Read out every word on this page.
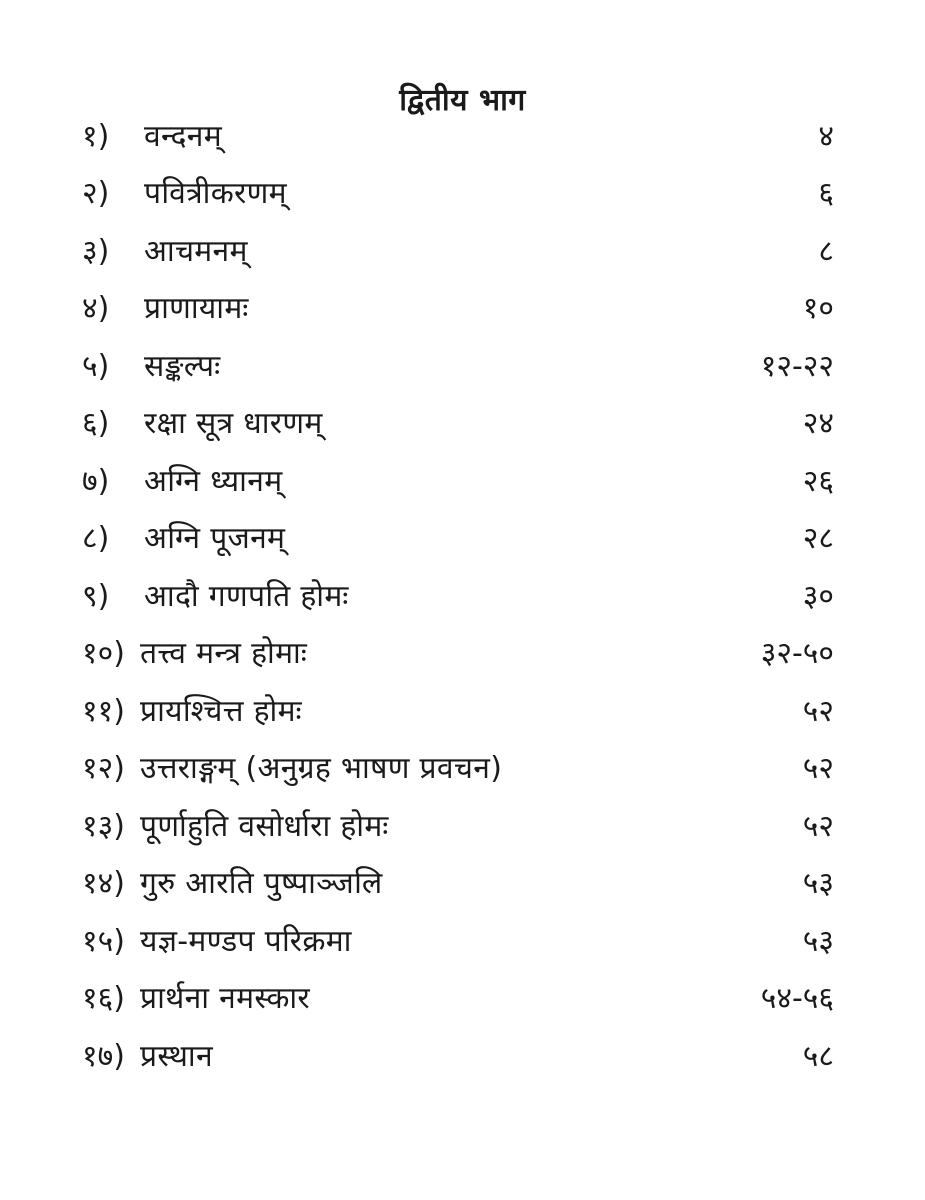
द्वितीय भाग
१)	वन्दनम्	४
२)	पवित्रीकरणम्	६
३)	आचमनम्	८
४)	प्राणायामः	१०
५)	सङ्कल्पः	१२-२२
६)	रक्षा सूत्र धारणम्	२४
७)	अग्नि ध्यानम्	२६
८)	अग्नि पूजनम्	२८
९)	आदौ गणपति होमः	३०
१०) तत्त्व मन्त्र होमाः	३२-५०
११) प्रायश्चित्त होमः	५२
१२) उत्तराङ्गम् (अनुग्रह भाषण प्रवचन)	५२
१३) पूर्णाहुति वसोर्धारा होमः	५२
१४) गुरु आरति पुष्पाञ्जलि	५३
१५) यज्ञ-मण्डप परिक्रमा	५३
१६) प्रार्थना नमस्कार	५४-५६
१७) प्रस्थान	५८
